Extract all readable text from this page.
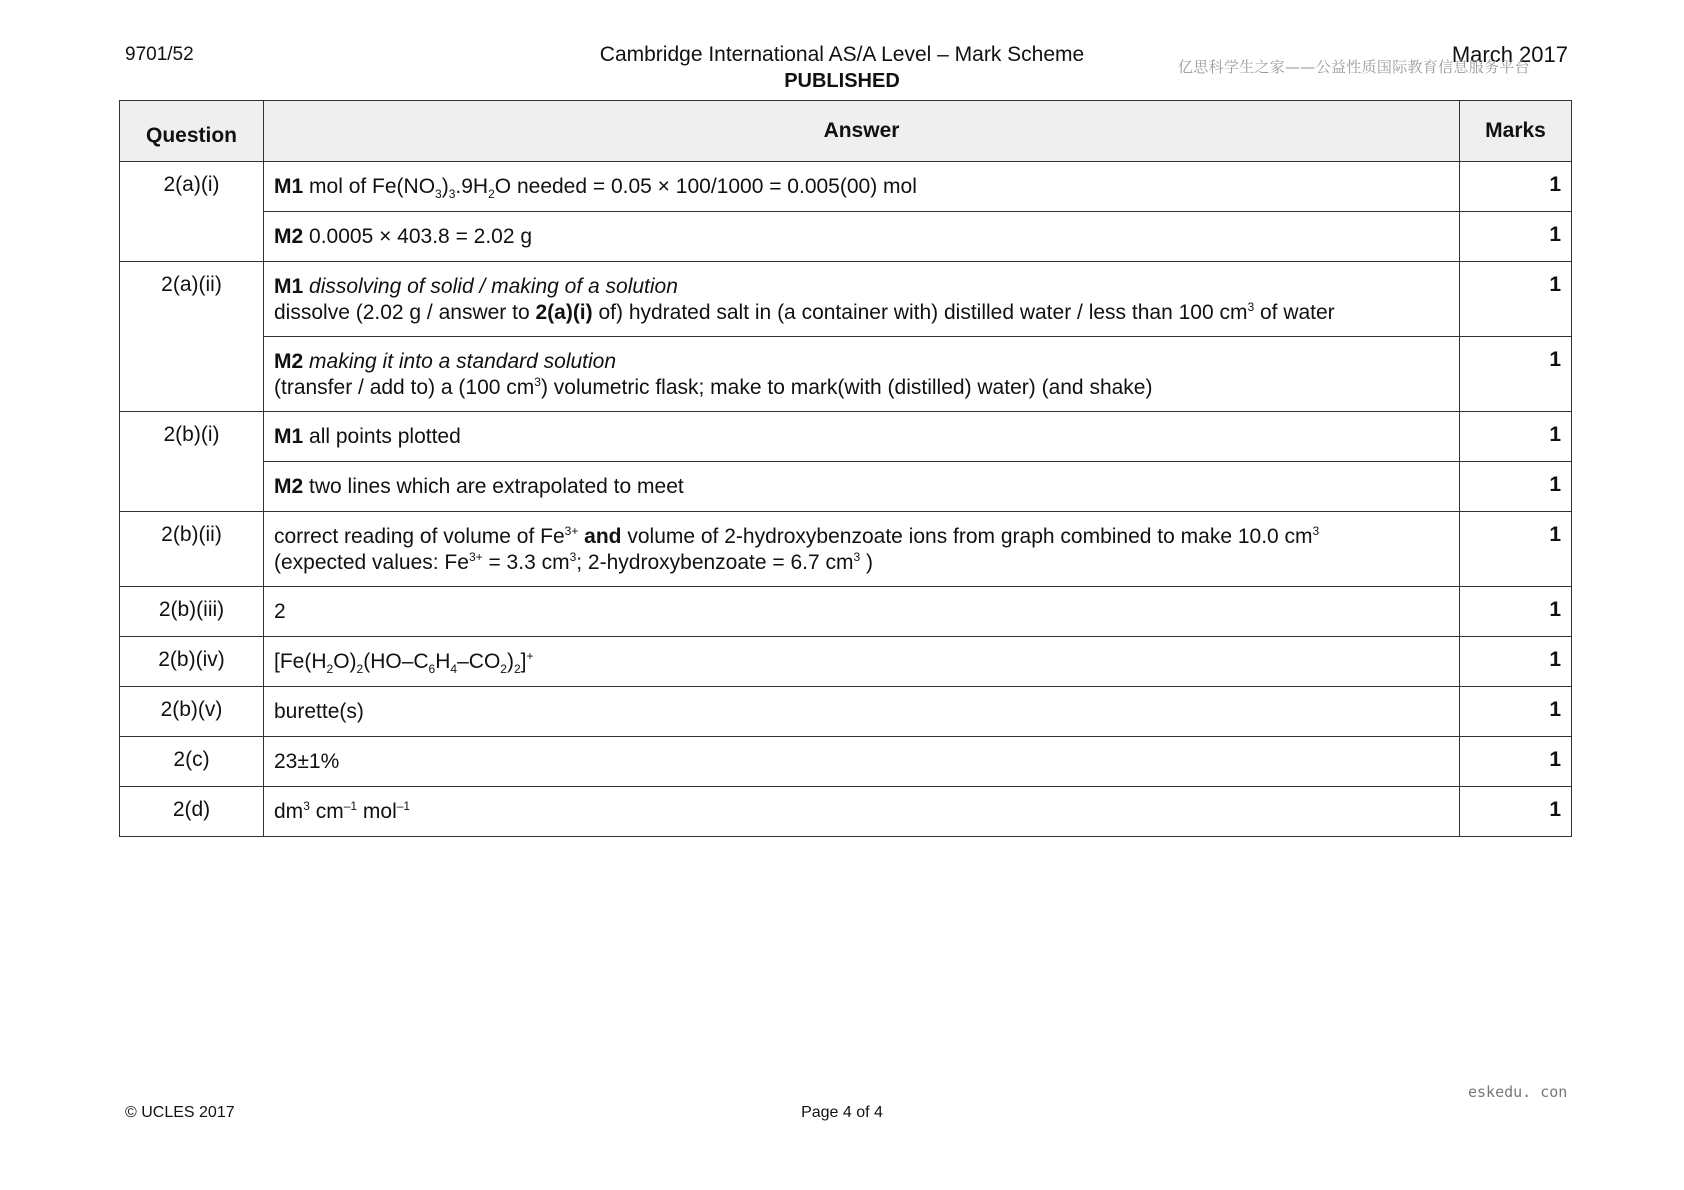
9701/52	Cambridge International AS/A Level – Mark Scheme
PUBLISHED
March 2017
亿思科学生之家——公益性质国际教育信息服务平台
Question	Answer	Marks
2(a)(i)	M1 mol of $Fe(NO_3)_3.9H_2O$ needed = 0.05 × 100/1000 = 0.005(00) mol	1
	M2 0.0005 × 403.8 = 2.02 g	1
2(a)(ii)	M1 dissolving of solid / making of a solution
dissolve (2.02 g / answer to 2(a)(i) of) hydrated salt in (a container with) distilled water / less than 100 $cm^3$ of water	1
	M2 making it into a standard solution
(transfer / add to) a (100 $cm^3$) volumetric flask; make to mark(with (distilled) water) (and shake)	1
2(b)(i)	M1 all points plotted	1
	M2 two lines which are extrapolated to meet	1
2(b)(ii)	correct reading of volume of $Fe^{3+}$ and volume of 2-hydroxybenzoate ions from graph combined to make 10.0 $cm^3$
(expected values: $Fe^{3+} = 3.3$ $cm^3$; 2-hydroxybenzoate = 6.7 $cm^3$ )	1
2(b)(iii)	2	1
2(b)(iv)	$[Fe(H_2O)_2(HO-C_6H_4-CO_2)_2]^+$	1
2(b)(v)	burette(s)	1
2(c)	23±1%	1
2(d)	$dm^3$ $cm^{-1}$ mol$^{-1}$	1
© UCLES 2017	Page 4 of 4
eskedu. con
